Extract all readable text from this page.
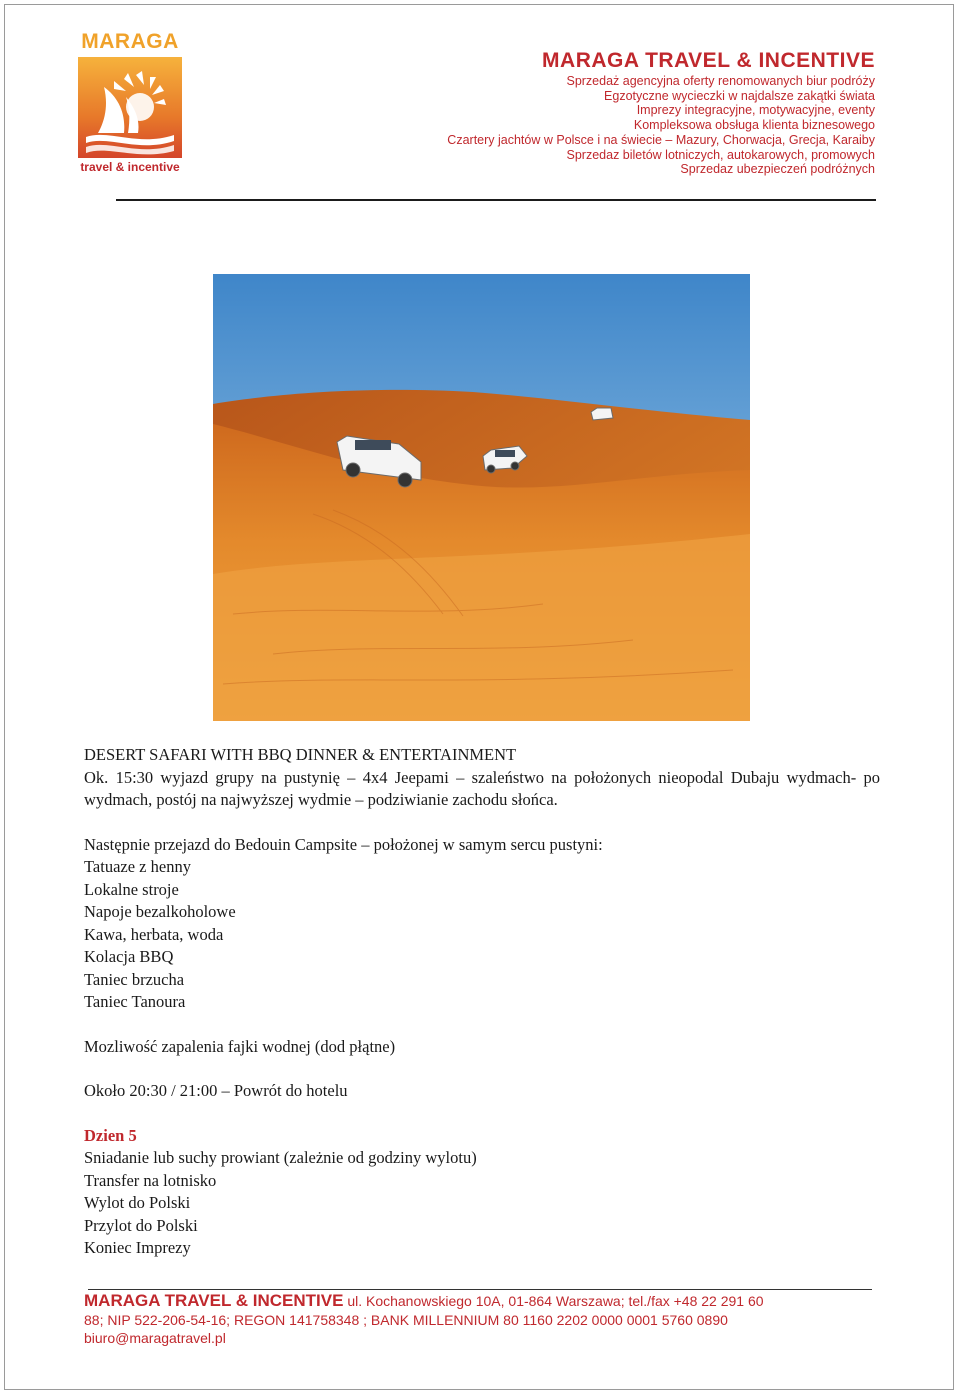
MARAGA
travel & incentive
MARAGA TRAVEL & INCENTIVE
Sprzedaż agencyjna oferty renomowanych biur podróży
Egzotyczne wycieczki w najdalsze zakątki świata
Imprezy integracyjne, motywacyjne, eventy
Kompleksowa obsługa klienta biznesowego
Czartery jachtów w Polsce i na świecie – Mazury, Chorwacja, Grecja, Karaiby
Sprzedaz biletów lotniczych, autokarowych, promowych
Sprzedaz ubezpieczeń podróżnych

DESERT SAFARI WITH BBQ DINNER & ENTERTAINMENT

Ok. 15:30 wyjazd grupy na pustynię – 4x4 Jeepami – szaleństwo na położonych nieopodal Dubaju wydmach- po wydmach, postój na najwyższej wydmie – podziwianie zachodu słońca.

Następnie przejazd do Bedouin Campsite – położonej w samym sercu pustyni:

Tatuaze z henny

Lokalne stroje

Napoje bezalkoholowe

Kawa, herbata, woda

Kolacja BBQ

Taniec brzucha

Taniec Tanoura

Mozliwość zapalenia fajki wodnej (dod płątne)

Około 20:30 / 21:00 – Powrót do hotelu

Dzien 5

Sniadanie lub suchy prowiant (zależnie od godziny wylotu)

Transfer na lotnisko

Wylot do Polski

Przylot do Polski

Koniec Imprezy

MARAGA TRAVEL & INCENTIVE ul. Kochanowskiego 10A, 01-864 Warszawa; tel./fax +48 22 291 60
88; NIP 522-206-54-16; REGON 141758348 ; BANK MILLENNIUM 80 1160 2202 0000 0001 5760 0890
biuro@maragatravel.pl
